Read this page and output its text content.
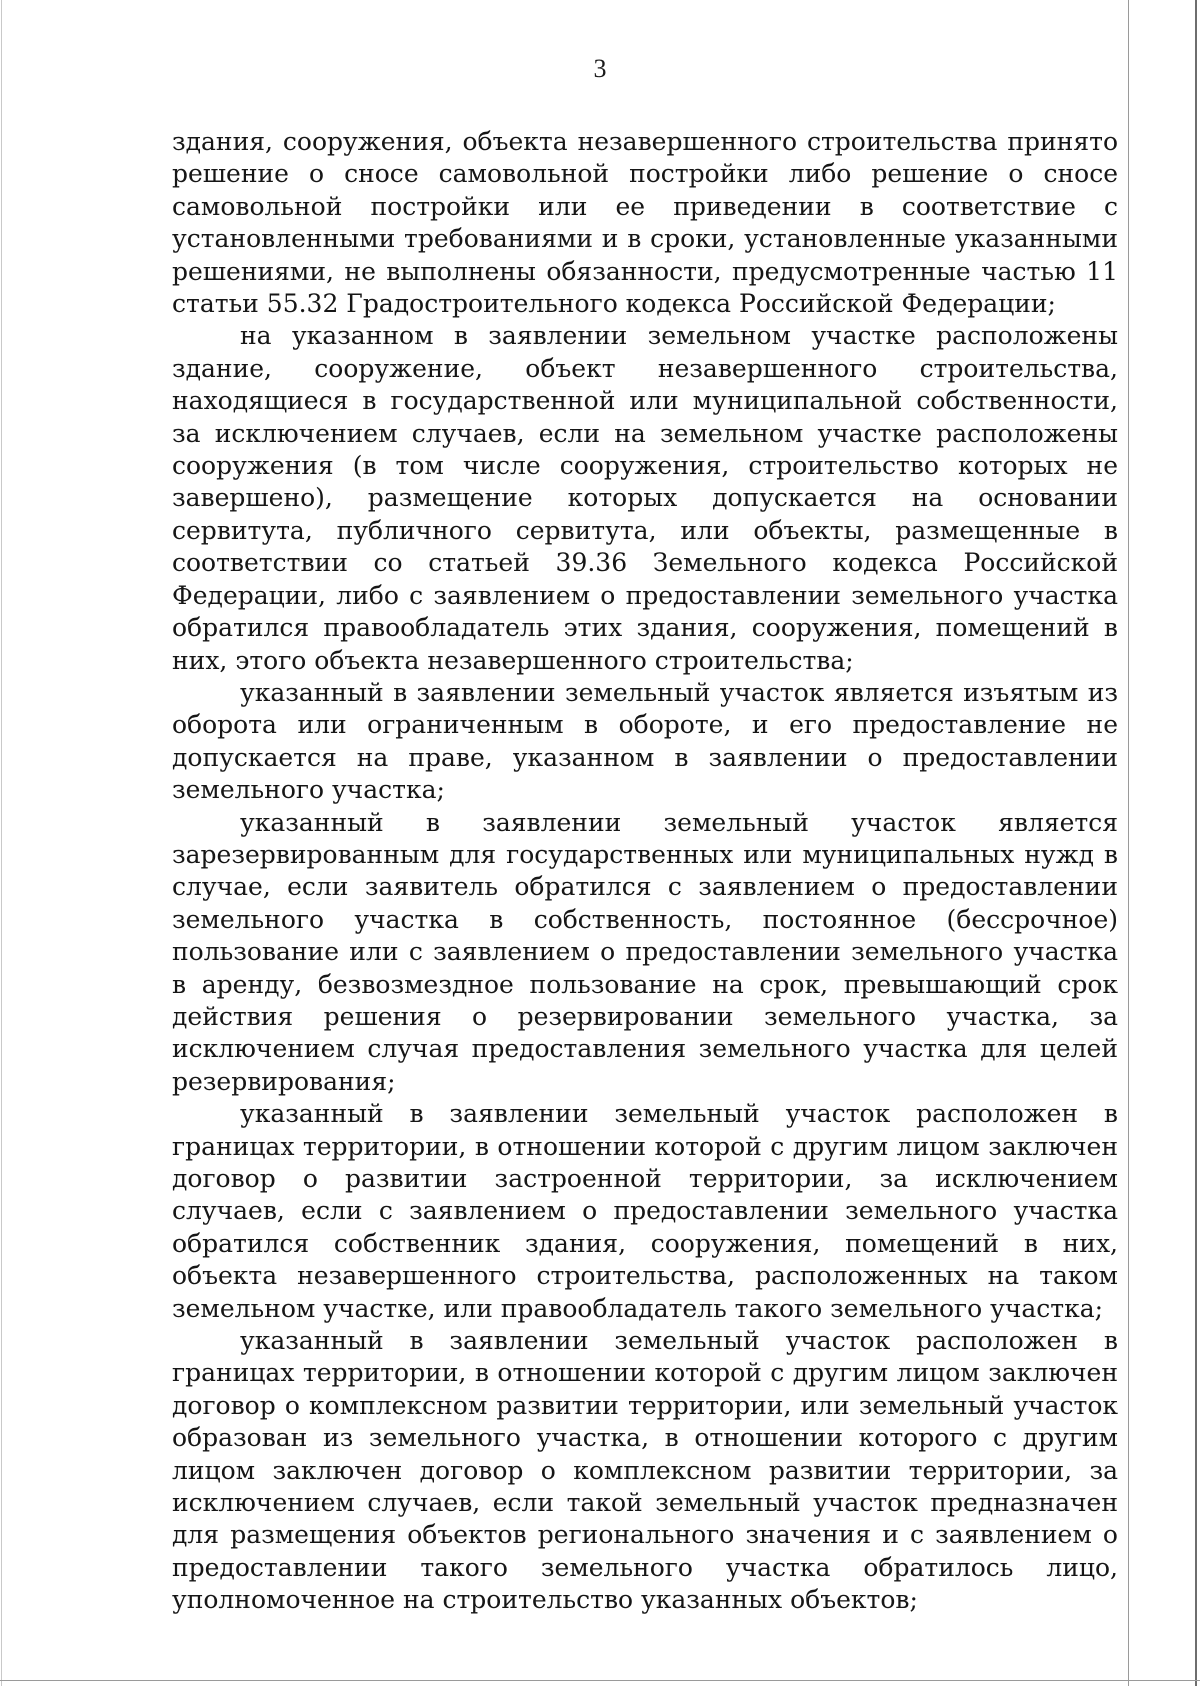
3

здания, сооружения, объекта незавершенного строительства принято решение о сносе самовольной постройки либо решение о сносе самовольной постройки или ее приведении в соответствие с установленными требованиями и в сроки, установленные указанными решениями, не выполнены обязанности, предусмотренные частью 11 статьи 55.32 Градостроительного кодекса Российской Федерации;

на указанном в заявлении земельном участке расположены здание, сооружение, объект незавершенного строительства, находящиеся в государственной или муниципальной собственности, за исключением случаев, если на земельном участке расположены сооружения (в том числе сооружения, строительство которых не завершено), размещение которых допускается на основании сервитута, публичного сервитута, или объекты, размещенные в соответствии со статьей 39.36 Земельного кодекса Российской Федерации, либо с заявлением о предоставлении земельного участка обратился правообладатель этих здания, сооружения, помещений в них, этого объекта незавершенного строительства;

указанный в заявлении земельный участок является изъятым из оборота или ограниченным в обороте, и его предоставление не допускается на праве, указанном в заявлении о предоставлении земельного участка;

указанный в заявлении земельный участок является зарезервированным для государственных или муниципальных нужд в случае, если заявитель обратился с заявлением о предоставлении земельного участка в собственность, постоянное (бессрочное) пользование или с заявлением о предоставлении земельного участка в аренду, безвозмездное пользование на срок, превышающий срок действия решения о резервировании земельного участка, за исключением случая предоставления земельного участка для целей резервирования;

указанный в заявлении земельный участок расположен в границах территории, в отношении которой с другим лицом заключен договор о развитии застроенной территории, за исключением случаев, если с заявлением о предоставлении земельного участка обратился собственник здания, сооружения, помещений в них, объекта незавершенного строительства, расположенных на таком земельном участке, или правообладатель такого земельного участка;

указанный в заявлении земельный участок расположен в границах территории, в отношении которой с другим лицом заключен договор о комплексном развитии территории, или земельный участок образован из земельного участка, в отношении которого с другим лицом заключен договор о комплексном развитии территории, за исключением случаев, если такой земельный участок предназначен для размещения объектов регионального значения и с заявлением о предоставлении такого земельного участка обратилось лицо, уполномоченное на строительство указанных объектов;
